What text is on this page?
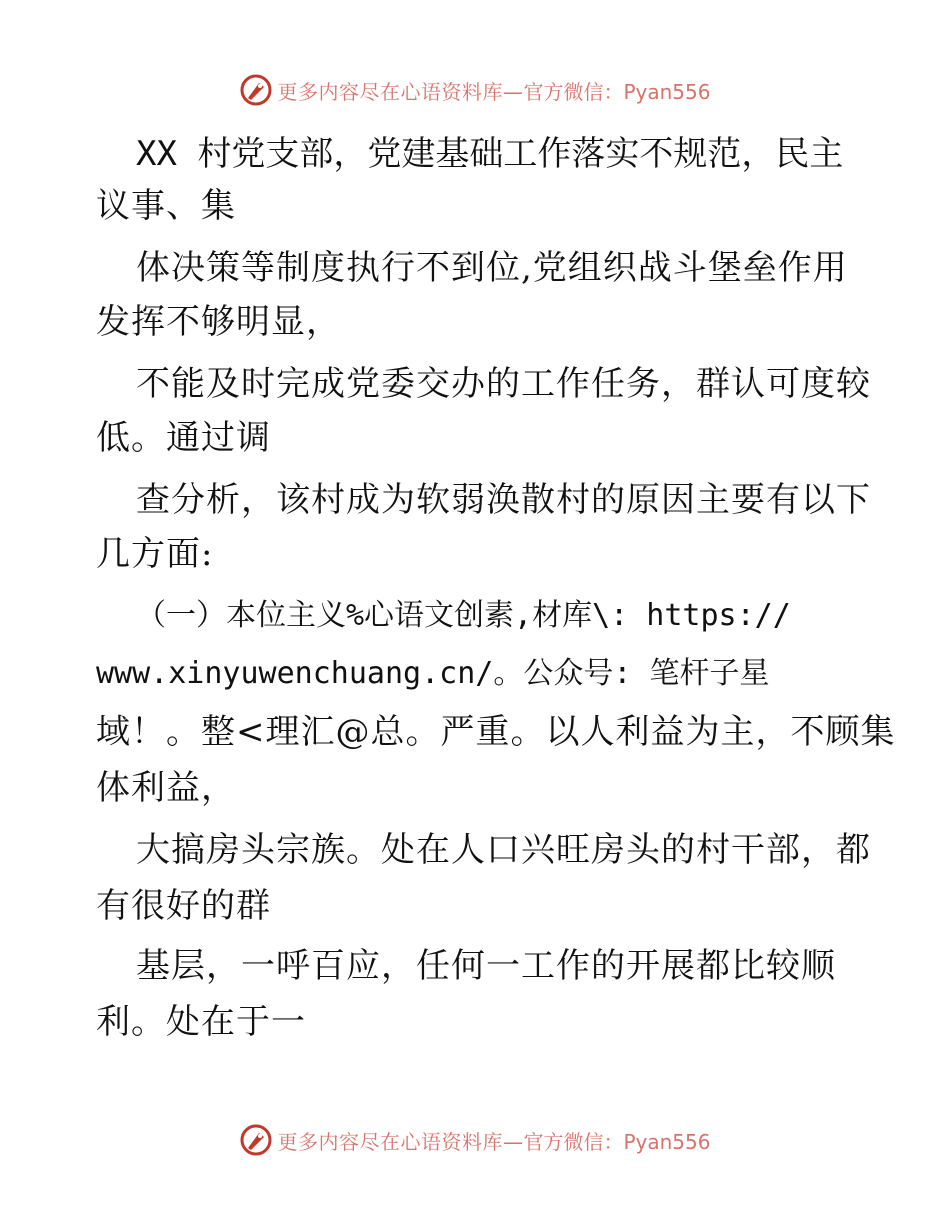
更多内容尽在心语资料库— 官方微信：Pyan556
XX 村党支部，党建基础工作落实不规范，民主
议事、集
体决策等制度执行不到位,党组织战斗堡垒作用
发挥不够明显，
不能及时完成党委交办的工作任务，群认可度较
低。通过调
查分析，该村成为软弱涣散村的原因主要有以下
几方面:
（一）本位主义%心语文创素,材库\: https://
www.xinyuwenchuang.cn/。公众号: 笔杆子星
域！。整<理汇@总。严重。以人利益为主，不顾集
体利益，
大搞房头宗族。处在人口兴旺房头的村干部，都
有很好的群
基层，一呼百应，任何一工作的开展都比较顺
利。处在于一
更多内容尽在心语资料库— 官方微信：Pyan556
